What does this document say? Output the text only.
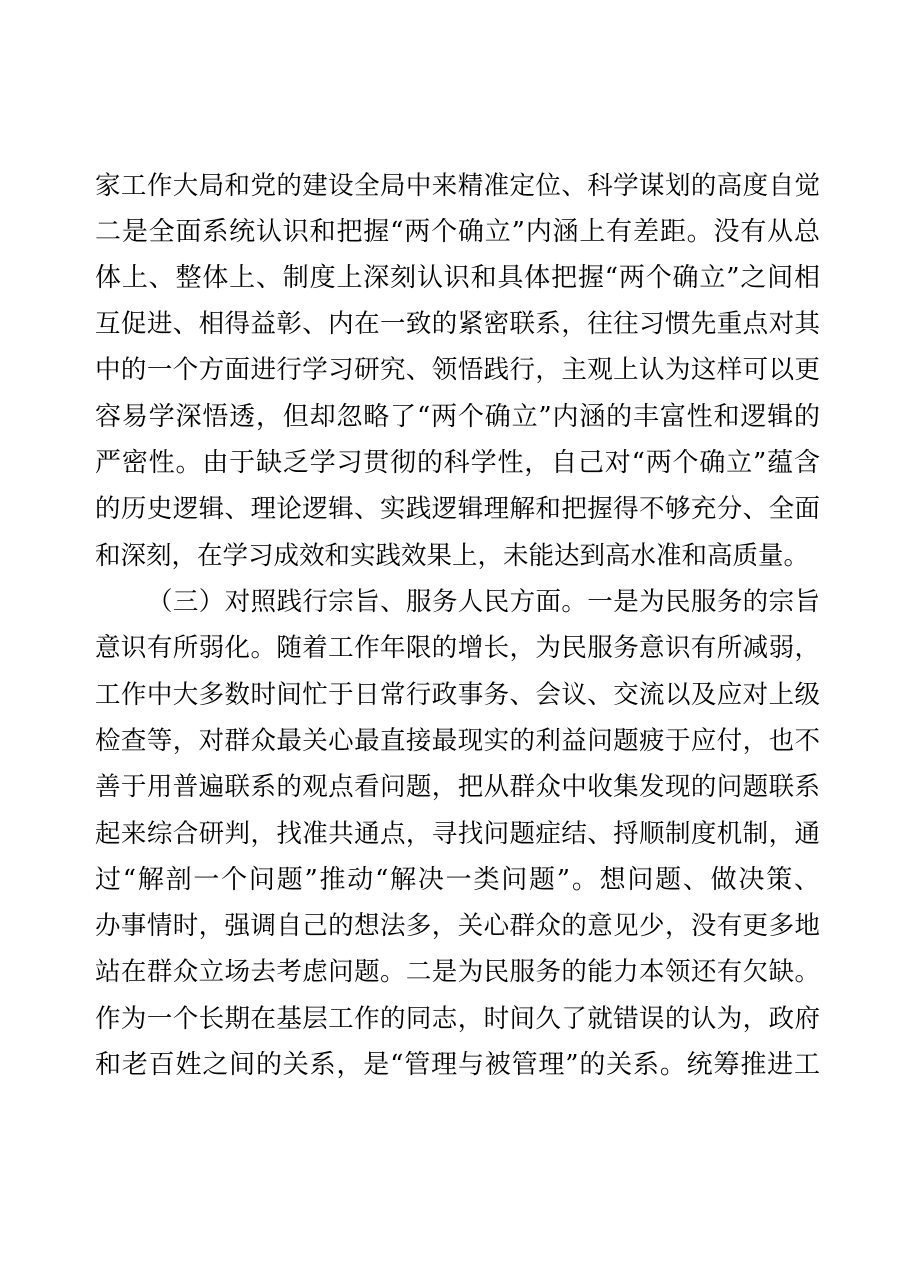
家工作大局和党的建设全局中来精准定位、科学谋划的高度自觉
二是全面系统认识和把握“两个确立”内涵上有差距。没有从总
体上、整体上、制度上深刻认识和具体把握“两个确立”之间相
互促进、相得益彰、内在一致的紧密联系，往往习惯先重点对其
中的一个方面进行学习研究、领悟践行，主观上认为这样可以更
容易学深悟透，但却忽略了“两个确立”内涵的丰富性和逻辑的
严密性。由于缺乏学习贯彻的科学性，自己对“两个确立”蕴含
的历史逻辑、理论逻辑、实践逻辑理解和把握得不够充分、全面
和深刻，在学习成效和实践效果上，未能达到高水准和高质量。
（三）对照践行宗旨、服务人民方面。一是为民服务的宗旨
意识有所弱化。随着工作年限的增长，为民服务意识有所减弱，
工作中大多数时间忙于日常行政事务、会议、交流以及应对上级
检查等，对群众最关心最直接最现实的利益问题疲于应付，也不
善于用普遍联系的观点看问题，把从群众中收集发现的问题联系
起来综合研判，找准共通点，寻找问题症结、捋顺制度机制，通
过“解剖一个问题”推动“解决一类问题”。想问题、做决策、
办事情时，强调自己的想法多，关心群众的意见少，没有更多地
站在群众立场去考虑问题。二是为民服务的能力本领还有欠缺。
作为一个长期在基层工作的同志，时间久了就错误的认为，政府
和老百姓之间的关系，是“管理与被管理”的关系。统筹推进工
